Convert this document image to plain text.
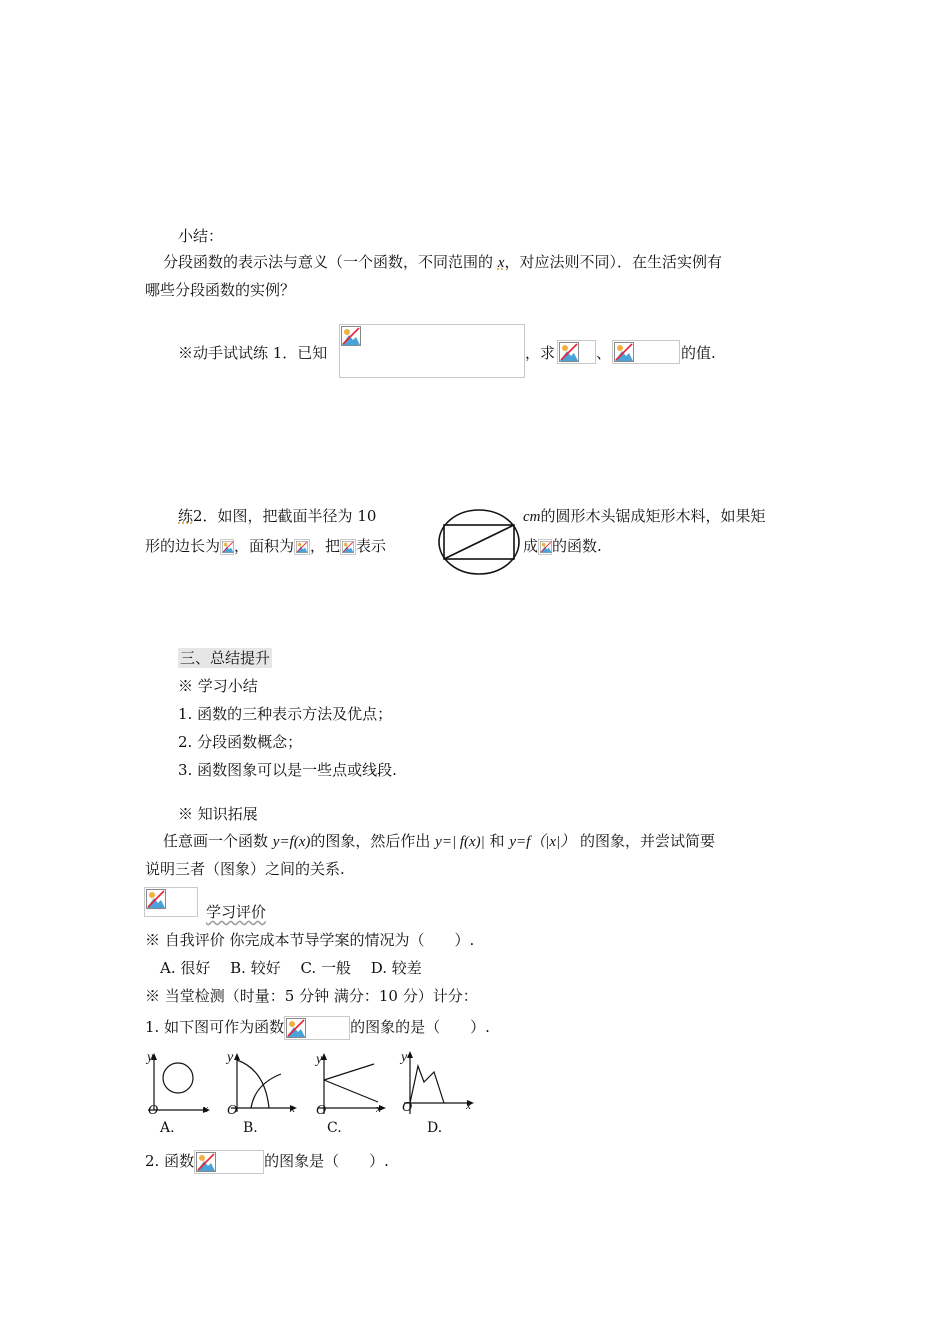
小结：
分段函数的表示法与意义（一个函数，不同范围的 x，对应法则不同）．在生活实例有
哪些分段函数的实例？
※动手试试练 1．已知	，求	、	的值.
练2．如图，把截面半径为 10	cm的圆形木头锯成矩形木料，如果矩
形的边长为 ，面积为 ，把 表示	成 的函数.
三、总结提升
※ 学习小结
1. 函数的三种表示方法及优点；
2. 分段函数概念；
3. 函数图象可以是一些点或线段.
※ 知识拓展
任意画一个函数 y=f(x)的图象，然后作出 y=| f(x)| 和 y=f（|x|） 的图象，并尝试简要
说明三者（图象）之间的关系.
学习评价
※ 自我评价 你完成本节导学案的情况为（　　）.
A. 很好　 B. 较好　 C. 一般　 D. 较差
※ 当堂检测（时量：5 分钟 满分：10 分）计分：
1. 如下图可作为函数	的图象的是（　　）.
y
O	x
A.
y
O	x
B.
y
O	x
C.
y
O	x
D.
2. 函数	的图象是（　　）.
